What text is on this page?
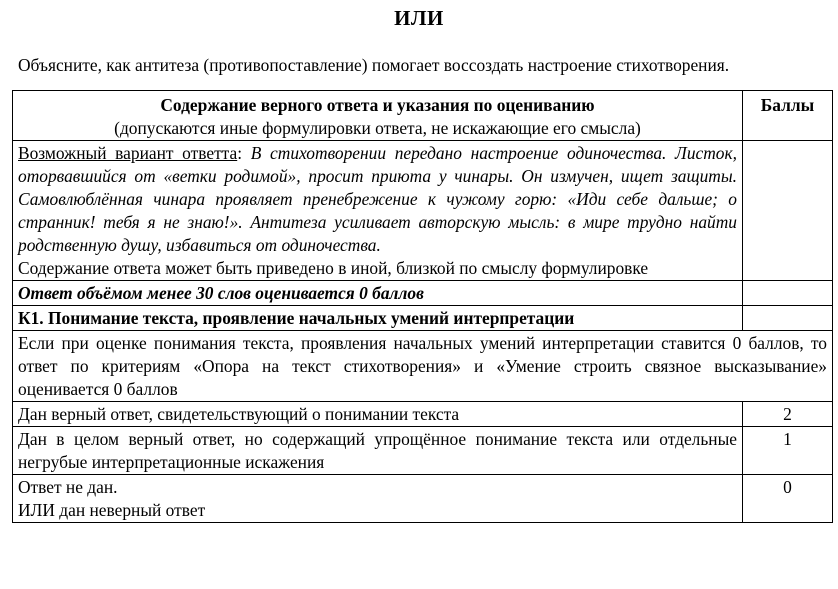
ИЛИ
Объясните, как антитеза (противопоставление) помогает воссоздать настроение стихотворения.
Содержание верного ответа и указания по оцениванию
(допускаются иные формулировки ответа, не искажающие его смысла)	Баллы
Возможный вариант ответта: В стихотворении передано настроение одиночества. Листок, оторвавшийся от «ветки родимой», просит приюта у чинары. Он измучен, ищет защиты. Самовлюблённая чинара проявляет пренебрежение к чужому горю: «Иди себе дальше; о странник! тебя я не знаю!». Антитеза усиливает авторскую мысль: в мире трудно найти родственную душу, избавиться от одиночества.
Содержание ответа может быть приведено в иной, близкой по смыслу формулировке	

Ответ объёмом менее 30 слов оценивается 0 баллов	
К1. Понимание текста, проявление начальных умений интерпретации	
Если при оценке понимания текста, проявления начальных умений интерпретации ставится 0 баллов, то ответ по критериям «Опора на текст стихотворения» и «Умение строить связное высказывание» оценивается 0 баллов	
Дан верный ответ, свидетельствующий о понимании текста	2
Дан в целом верный ответ, но содержащий упрощённое понимание текста или отдельные негрубые интерпретационные искажения	1

Ответ не дан.
ИЛИ дан неверный ответ	0
